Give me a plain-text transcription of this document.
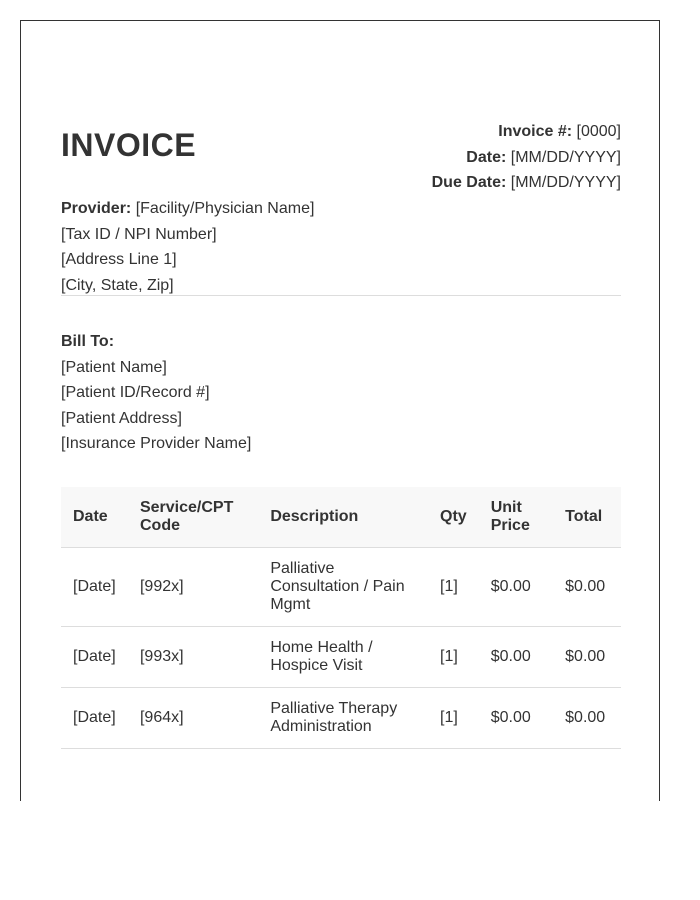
INVOICE	Invoice #: [0000]
Date: [MM/DD/YYYY]
Due Date: [MM/DD/YYYY]
Provider: [Facility/Physician Name]
[Tax ID / NPI Number]
[Address Line 1]
[City, State, Zip]
Bill To:
[Patient Name]
[Patient ID/Record #]
[Patient Address]
[Insurance Provider Name]
Date	Service/CPT Code	Description	Qty	Unit Price	Total
[Date]	[992x]	Palliative Consultation / Pain Mgmt	[1]	$0.00	$0.00
[Date]	[993x]	Home Health / Hospice Visit	[1]	$0.00	$0.00
[Date]	[964x]	Palliative Therapy Administration	[1]	$0.00	$0.00
